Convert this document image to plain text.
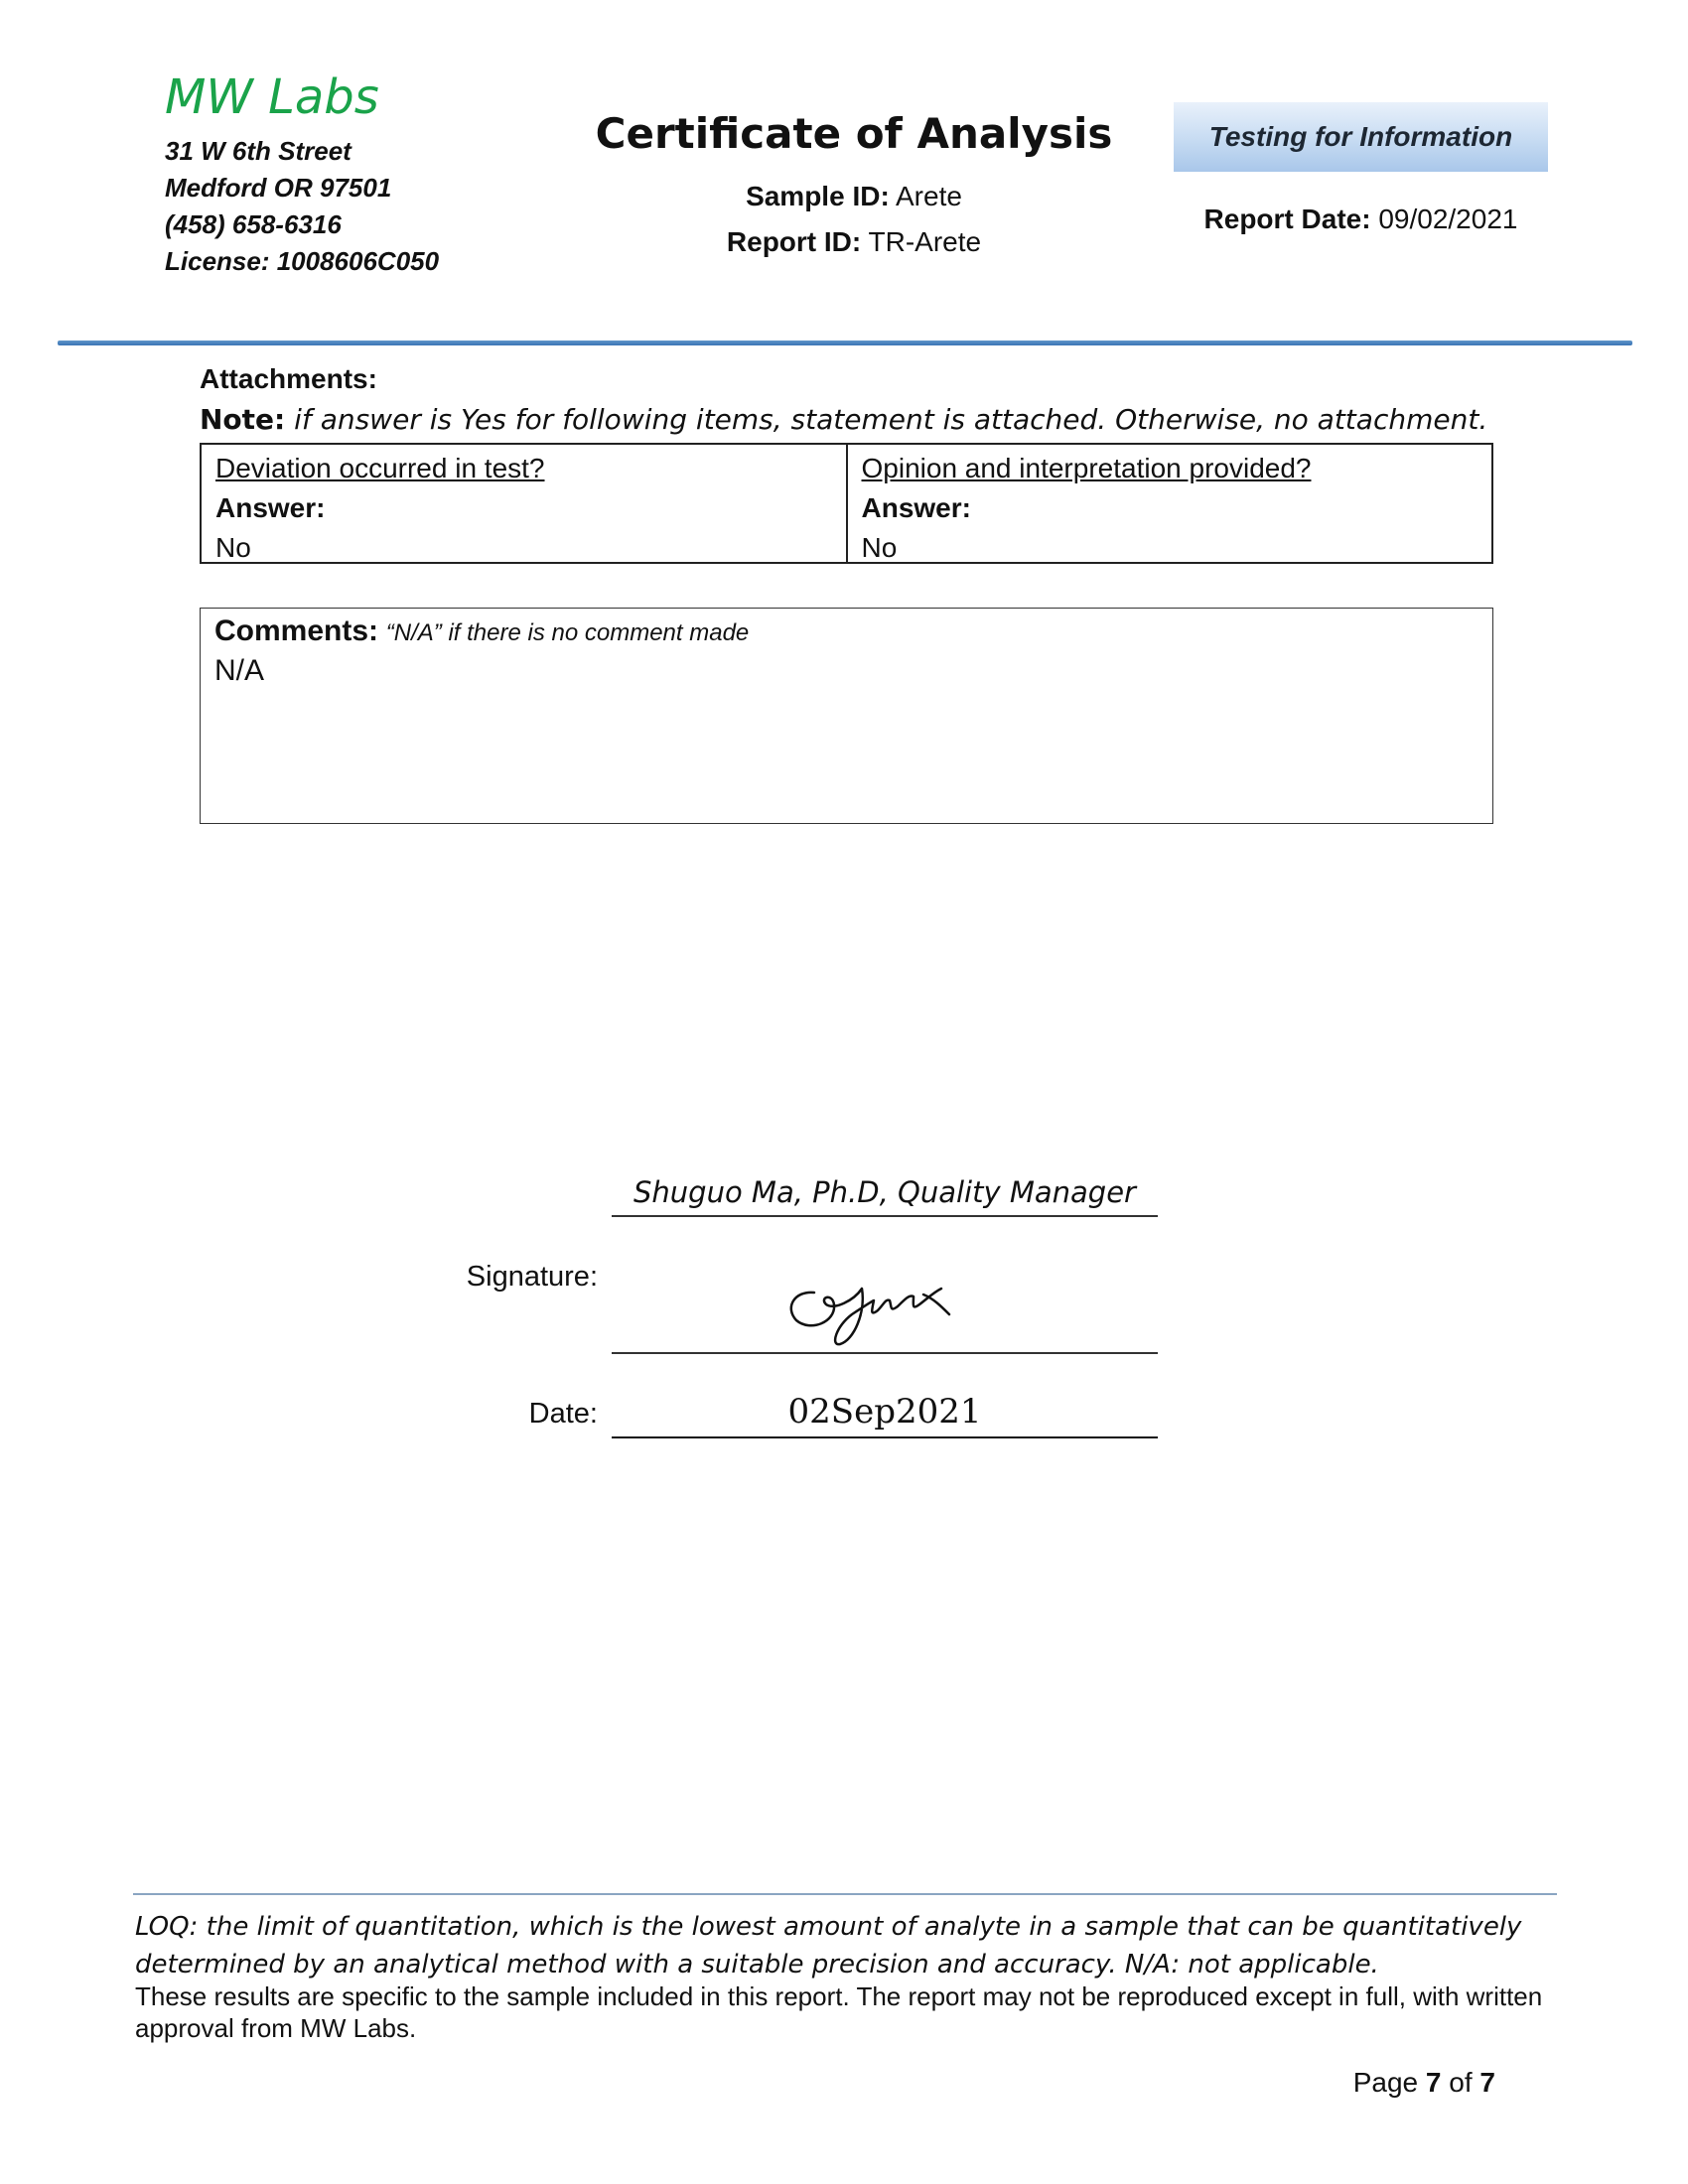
MW Labs
31 W 6th Street
Medford OR 97501
(458) 658-6316
License: 1008606C050
Certificate of Analysis
Sample ID: Arete
Report ID: TR-Arete
Testing for Information
Report Date: 09/02/2021
Attachments:
Note: if answer is Yes for following items, statement is attached. Otherwise, no attachment.
Deviation occurred in test?
Answer:
No
Opinion and interpretation provided?
Answer:
No
Comments: “N/A” if there is no comment made
N/A
Shuguo Ma, Ph.D, Quality Manager
Signature:
Date:	02Sep2021
LOQ: the limit of quantitation, which is the lowest amount of analyte in a sample that can be quantitatively
determined by an analytical method with a suitable precision and accuracy. N/A: not applicable.
These results are specific to the sample included in this report. The report may not be reproduced except in full, with written approval from MW Labs.
Page 7 of 7
